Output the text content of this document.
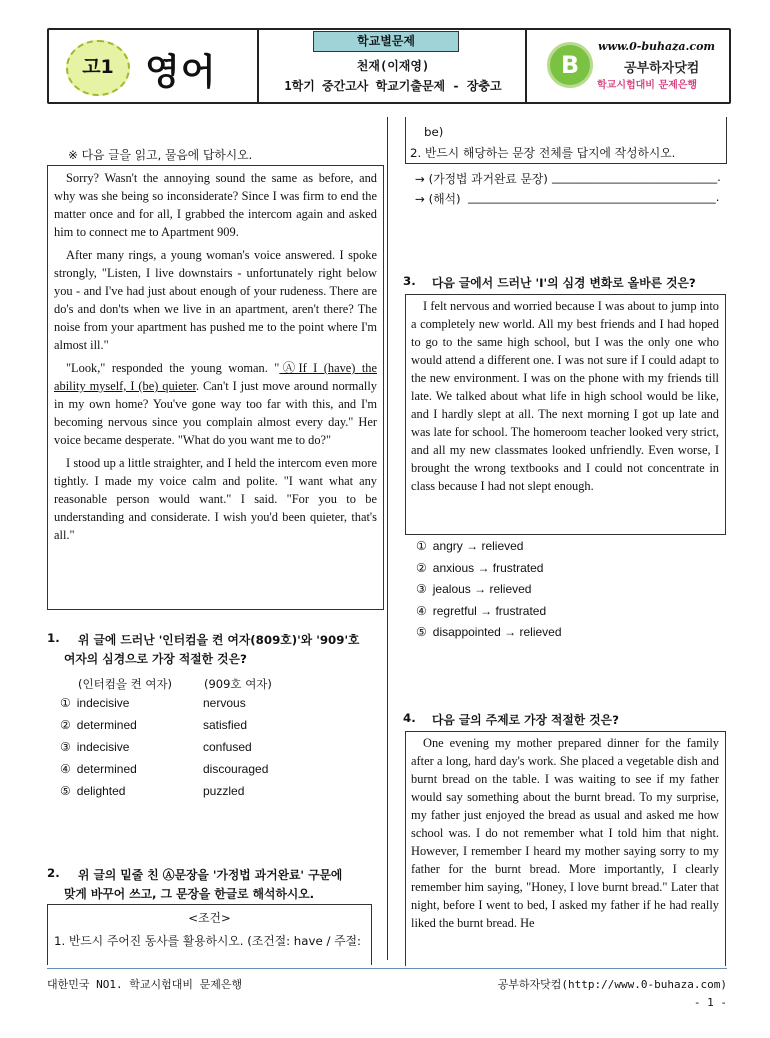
고1 영어
학교별문제
천재(이재영)
1학기 중간고사 학교기출문제 - 장충고
B
www.0-buhaza.com
공부하자닷컴
학교시험대비 문제은행
※ 다음 글을 읽고, 물음에 답하시오.

Sorry? Wasn't the annoying sound the same as before, and why was she being so inconsiderate? Since I was firm to end the matter once and for all, I grabbed the intercom again and asked him to connect me to Apartment 909.

After many rings, a young woman's voice answered. I spoke strongly, "Listen, I live downstairs - unfortunately right below you - and I've had just about enough of your rudeness. There are do's and don'ts when we live in an apartment, aren't there? The noise from your apartment has pushed me to the point where I'm almost ill."

"Look," responded the young woman. "ⒶIf I (have) the ability myself, I (be) quieter. Can't I just move around normally in my own home? You've gone way too far with this, and I'm becoming nervous since you complain almost every day." Her voice became desperate. "What do you want me to do?"

I stood up a little straighter, and I held the intercom even more tightly. I made my voice calm and polite. "I want what any reasonable person would want." I said. "For you to be understanding and considerate. I wish you'd been quieter, that's all."

1. 위 글에 드러난 '인터컴을 켠 여자(809호)'와 '909'호
여자의 심경으로 가장 적절한 것은?
(인터컴을 켠 여자)	(909호 여자)
① indecisive	nervous
② determined	satisfied
③ indecisive	confused
④ determined	discouraged
⑤ delighted	puzzled
2. 위 글의 밑줄 친 Ⓐ문장을 '가정법 과거완료' 구문에
맞게 바꾸어 쓰고, 그 문장을 한글로 해석하시오.
<조건>
1. 반드시 주어진 동사를 활용하시오. (조건절: have / 주절:
be)
2. 반드시 해당하는 문장 전체를 답지에 작성하시오.
→ (가정법 과거완료 문장) ____________________________.
→ (해석) __________________________________________.
3. 다음 글에서 드러난 'I'의 심경 변화로 올바른 것은?

I felt nervous and worried because I was about to jump into a completely new world. All my best friends and I had hoped to go to the same high school, but I was the only one who would attend a different one. I was not sure if I could adapt to the new environment. I was on the phone with my friends till late. We talked about what life in high school would be like, and I hardly slept at all. The next morning I got up late and was late for school. The homeroom teacher looked very strict, and all my new classmates looked unfriendly. Even worse, I brought the wrong textbooks and I could not concentrate in class because I had not slept enough.

① angry → relieved
② anxious → frustrated
③ jealous → relieved
④ regretful → frustrated
⑤ disappointed → relieved
4. 다음 글의 주제로 가장 적절한 것은?

One evening my mother prepared dinner for the family after a long, hard day's work. She placed a vegetable dish and burnt bread on the table. I was waiting to see if my father would say something about the burnt bread. To my surprise, my father just enjoyed the bread as usual and asked me how school was. I do not remember what I told him that night. However, I remember I heard my mother saying sorry to my father for the burnt bread. More importantly, I clearly remember him saying, "Honey, I love burnt bread." Later that night, before I went to bed, I asked my father if he had really liked the burnt bread. He

대한민국 NO1. 학교시험대비 문제은행	공부하자닷컴(http://www.0-buhaza.com)
- 1 -
